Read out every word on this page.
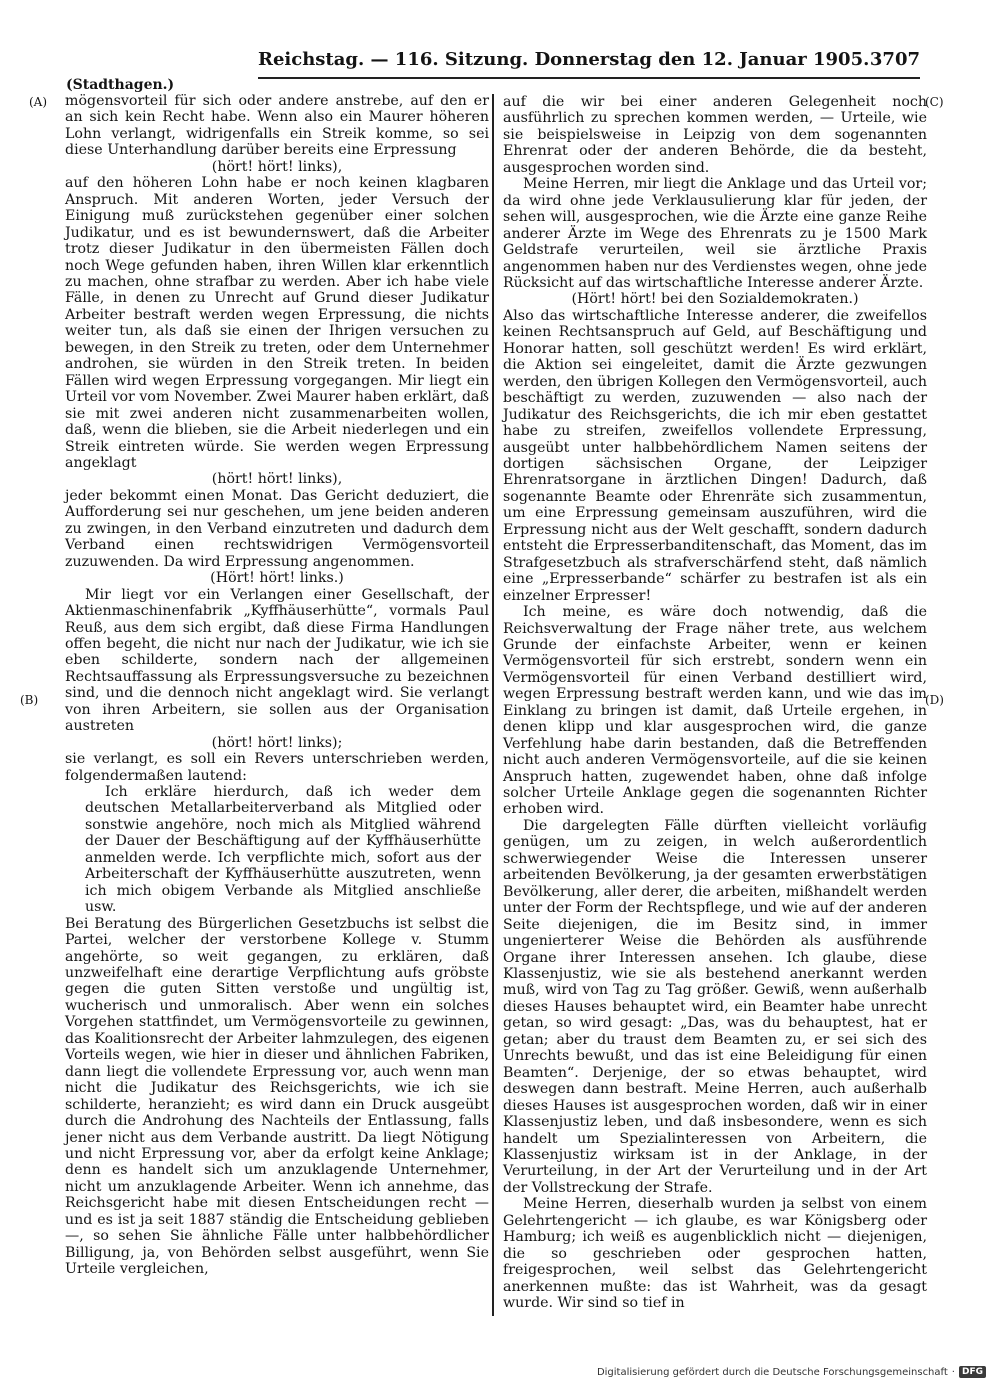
Reichstag. — 116. Sitzung. Donnerstag den 12. Januar 1905. 3707
(Stadthagen.)
(A)
(B)
(C)
(D)

mögensvorteil für sich oder andere anstrebe, auf den er an sich kein Recht habe. Wenn also ein Maurer höheren Lohn verlangt, widrigenfalls ein Streik komme, so sei diese Unterhandlung darüber bereits eine Erpressung

(hört! hört! links),

auf den höheren Lohn habe er noch keinen klagbaren Anspruch. Mit anderen Worten, jeder Versuch der Einigung muß zurückstehen gegenüber einer solchen Judikatur, und es ist bewundernswert, daß die Arbeiter trotz dieser Judikatur in den übermeisten Fällen doch noch Wege gefunden haben, ihren Willen klar erkenntlich zu machen, ohne strafbar zu werden. Aber ich habe viele Fälle, in denen zu Unrecht auf Grund dieser Judikatur Arbeiter bestraft werden wegen Erpressung, die nichts weiter tun, als daß sie einen der Ihrigen versuchen zu bewegen, in den Streik zu treten, oder dem Unternehmer androhen, sie würden in den Streik treten. In beiden Fällen wird wegen Erpressung vorgegangen. Mir liegt ein Urteil vor vom November. Zwei Maurer haben erklärt, daß sie mit zwei anderen nicht zusammenarbeiten wollen, daß, wenn die blieben, sie die Arbeit niederlegen und ein Streik eintreten würde. Sie werden wegen Erpressung angeklagt

(hört! hört! links),

jeder bekommt einen Monat. Das Gericht deduziert, die Aufforderung sei nur geschehen, um jene beiden anderen zu zwingen, in den Verband einzutreten und dadurch dem Verband einen rechtswidrigen Vermögensvorteil zuzuwenden. Da wird Erpressung angenommen.

(Hört! hört! links.)

Mir liegt vor ein Verlangen einer Gesellschaft, der Aktienmaschinenfabrik „Kyffhäuserhütte“, vormals Paul Reuß, aus dem sich ergibt, daß diese Firma Handlungen offen begeht, die nicht nur nach der Judikatur, wie ich sie eben schilderte, sondern nach der allgemeinen Rechtsauffassung als Erpressungsversuche zu bezeichnen sind, und die dennoch nicht angeklagt wird. Sie verlangt von ihren Arbeitern, sie sollen aus der Organisation austreten

(hört! hört! links);

sie verlangt, es soll ein Revers unterschrieben werden, folgendermaßen lautend:

Ich erkläre hierdurch, daß ich weder dem deutschen Metallarbeiterverband als Mitglied oder sonstwie angehöre, noch mich als Mitglied während der Dauer der Beschäftigung auf der Kyffhäuserhütte anmelden werde. Ich verpflichte mich, sofort aus der Arbeiterschaft der Kyffhäuserhütte auszutreten, wenn ich mich obigem Verbande als Mitglied anschließe usw.

Bei Beratung des Bürgerlichen Gesetzbuchs ist selbst die Partei, welcher der verstorbene Kollege v. Stumm angehörte, so weit gegangen, zu erklären, daß unzweifelhaft eine derartige Verpflichtung aufs gröbste gegen die guten Sitten verstoße und ungültig ist, wucherisch und unmoralisch. Aber wenn ein solches Vorgehen stattfindet, um Vermögensvorteile zu gewinnen, das Koalitionsrecht der Arbeiter lahmzulegen, des eigenen Vorteils wegen, wie hier in dieser und ähnlichen Fabriken, dann liegt die vollendete Erpressung vor, auch wenn man nicht die Judikatur des Reichsgerichts, wie ich sie schilderte, heranzieht; es wird dann ein Druck ausgeübt durch die Androhung des Nachteils der Entlassung, falls jener nicht aus dem Verbande austritt. Da liegt Nötigung und nicht Erpressung vor, aber da erfolgt keine Anklage; denn es handelt sich um anzuklagende Unternehmer, nicht um anzuklagende Arbeiter. Wenn ich annehme, das Reichsgericht habe mit diesen Entscheidungen recht — und es ist ja seit 1887 ständig die Entscheidung geblieben —, so sehen Sie ähnliche Fälle unter halbbehördlicher Billigung, ja, von Behörden selbst ausgeführt, wenn Sie Urteile vergleichen,

auf die wir bei einer anderen Gelegenheit noch ausführlich zu sprechen kommen werden, — Urteile, wie sie beispielsweise in Leipzig von dem sogenannten Ehrenrat oder der anderen Behörde, die da besteht, ausgesprochen worden sind.

Meine Herren, mir liegt die Anklage und das Urteil vor; da wird ohne jede Verklausulierung klar für jeden, der sehen will, ausgesprochen, wie die Ärzte eine ganze Reihe anderer Ärzte im Wege des Ehrenrats zu je 1500 Mark Geldstrafe verurteilen, weil sie ärztliche Praxis angenommen haben nur des Verdienstes wegen, ohne jede Rücksicht auf das wirtschaftliche Interesse anderer Ärzte.

(Hört! hört! bei den Sozialdemokraten.)

Also das wirtschaftliche Interesse anderer, die zweifellos keinen Rechtsanspruch auf Geld, auf Beschäftigung und Honorar hatten, soll geschützt werden! Es wird erklärt, die Aktion sei eingeleitet, damit die Ärzte gezwungen werden, den übrigen Kollegen den Vermögensvorteil, auch beschäftigt zu werden, zuzuwenden — also nach der Judikatur des Reichsgerichts, die ich mir eben gestattet habe zu streifen, zweifellos vollendete Erpressung, ausgeübt unter halbbehördlichem Namen seitens der dortigen sächsischen Organe, der Leipziger Ehrenratsorgane in ärztlichen Dingen! Dadurch, daß sogenannte Beamte oder Ehrenräte sich zusammentun, um eine Erpressung gemeinsam auszuführen, wird die Erpressung nicht aus der Welt geschafft, sondern dadurch entsteht die Erpresserbanditenschaft, das Moment, das im Strafgesetzbuch als strafverschärfend steht, daß nämlich eine „Erpresserbande“ schärfer zu bestrafen ist als ein einzelner Erpresser!

Ich meine, es wäre doch notwendig, daß die Reichsverwaltung der Frage näher trete, aus welchem Grunde der einfachste Arbeiter, wenn er keinen Vermögensvorteil für sich erstrebt, sondern wenn ein Vermögensvorteil für einen Verband destilliert wird, wegen Erpressung bestraft werden kann, und wie das im Einklang zu bringen ist damit, daß Urteile ergehen, in denen klipp und klar ausgesprochen wird, die ganze Verfehlung habe darin bestanden, daß die Betreffenden nicht auch anderen Vermögensvorteile, auf die sie keinen Anspruch hatten, zugewendet haben, ohne daß infolge solcher Urteile Anklage gegen die sogenannten Richter erhoben wird.

Die dargelegten Fälle dürften vielleicht vorläufig genügen, um zu zeigen, in welch außerordentlich schwerwiegender Weise die Interessen unserer arbeitenden Bevölkerung, ja der gesamten erwerbstätigen Bevölkerung, aller derer, die arbeiten, mißhandelt werden unter der Form der Rechtspflege, und wie auf der anderen Seite diejenigen, die im Besitz sind, in immer ungenierterer Weise die Behörden als ausführende Organe ihrer Interessen ansehen. Ich glaube, diese Klassenjustiz, wie sie als bestehend anerkannt werden muß, wird von Tag zu Tag größer. Gewiß, wenn außerhalb dieses Hauses behauptet wird, ein Beamter habe unrecht getan, so wird gesagt: „Das, was du behauptest, hat er getan; aber du traust dem Beamten zu, er sei sich des Unrechts bewußt, und das ist eine Beleidigung für einen Beamten“. Derjenige, der so etwas behauptet, wird deswegen dann bestraft. Meine Herren, auch außerhalb dieses Hauses ist ausgesprochen worden, daß wir in einer Klassenjustiz leben, und daß insbesondere, wenn es sich handelt um Spezialinteressen von Arbeitern, die Klassenjustiz wirksam ist in der Anklage, in der Verurteilung, in der Art der Verurteilung und in der Art der Vollstreckung der Strafe.

Meine Herren, dieserhalb wurden ja selbst von einem Gelehrtengericht — ich glaube, es war Königsberg oder Hamburg; ich weiß es augenblicklich nicht — diejenigen, die so geschrieben oder gesprochen hatten, freigesprochen, weil selbst das Gelehrtengericht anerkennen mußte: das ist Wahrheit, was da gesagt wurde. Wir sind so tief in

Digitalisierung gefördert durch die Deutsche Forschungsgemeinschaft · DFG
